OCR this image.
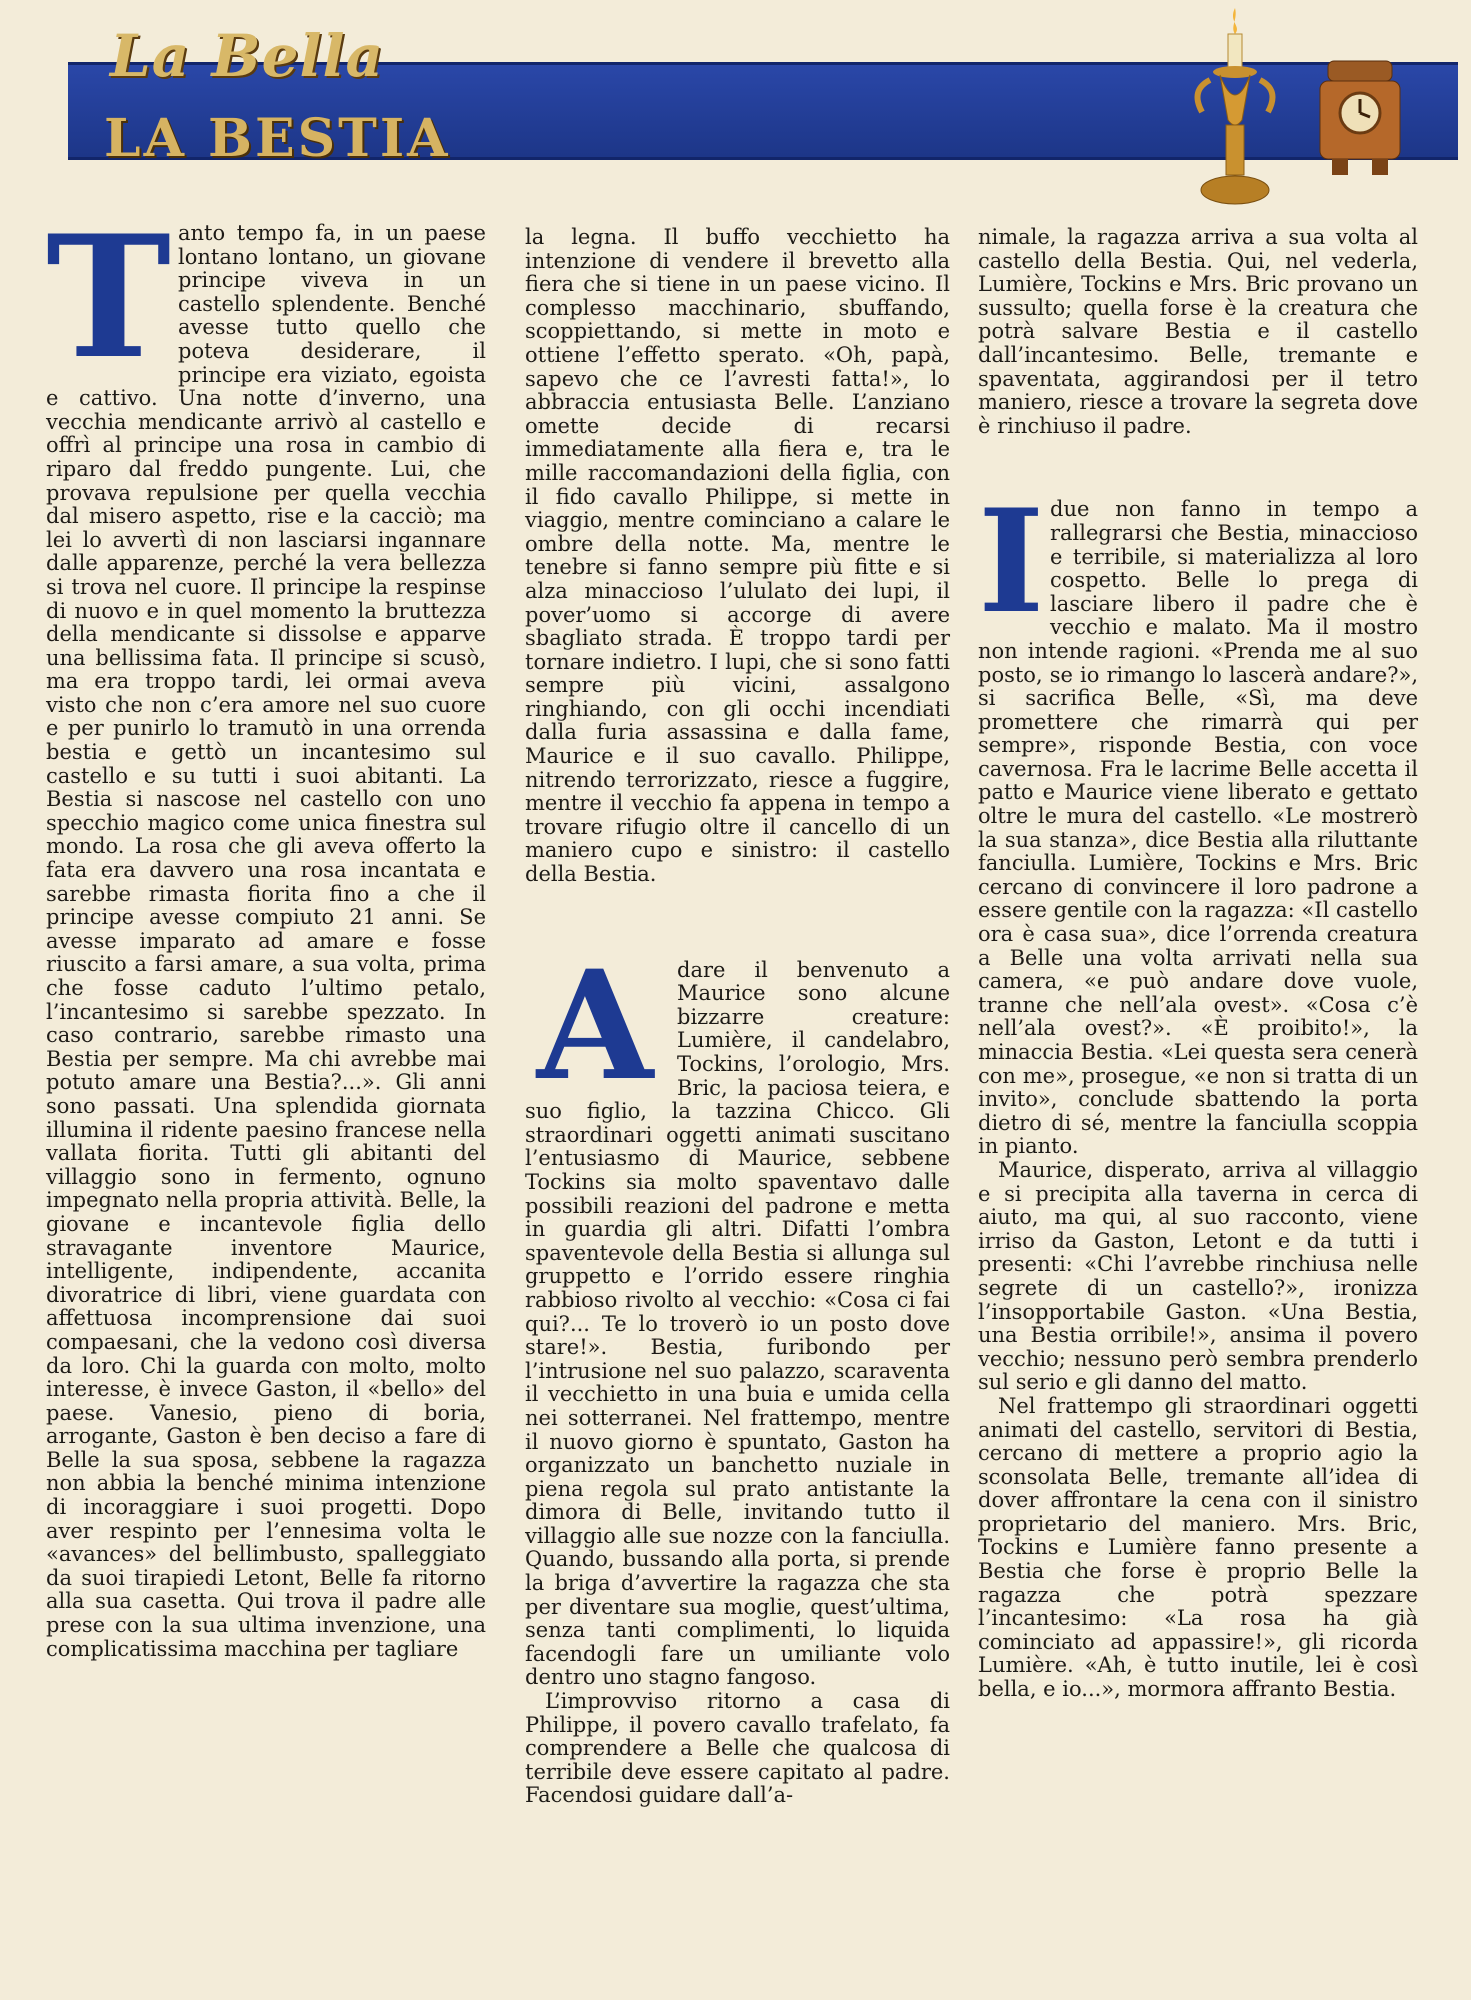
La Bella
LA BESTIA

Tanto tempo fa, in un paese lontano lontano, un giovane principe viveva in un castello splendente. Benché avesse tutto quello che poteva desiderare, il principe era viziato, egoista e cattivo. Una notte d’inverno, una vecchia mendicante arrivò al castello e offrì al principe una rosa in cambio di riparo dal freddo pungente. Lui, che provava repulsione per quella vecchia dal misero aspetto, rise e la cacciò; ma lei lo avvertì di non lasciarsi ingannare dalle apparenze, perché la vera bellezza si trova nel cuore. Il principe la respinse di nuovo e in quel momento la bruttezza della mendicante si dissolse e apparve una bellissima fata. Il principe si scusò, ma era troppo tardi, lei ormai aveva visto che non c’era amore nel suo cuore e per punirlo lo tramutò in una orrenda bestia e gettò un incantesimo sul castello e su tutti i suoi abitanti. La Bestia si nascose nel castello con uno specchio magico come unica finestra sul mondo. La rosa che gli aveva offerto la fata era davvero una rosa incantata e sarebbe rimasta fiorita fino a che il principe avesse compiuto 21 anni. Se avesse imparato ad amare e fosse riuscito a farsi amare, a sua volta, prima che fosse caduto l’ultimo petalo, l’incantesimo si sarebbe spezzato. In caso contrario, sarebbe rimasto una Bestia per sempre. Ma chi avrebbe mai potuto amare una Bestia?...». Gli anni sono passati. Una splendida giornata illumina il ridente paesino francese nella vallata fiorita. Tutti gli abitanti del villaggio sono in fermento, ognuno impegnato nella propria attività. Belle, la giovane e incantevole figlia dello stravagante inventore Maurice, intelligente, indipendente, accanita divoratrice di libri, viene guardata con affettuosa incomprensione dai suoi compaesani, che la vedono così diversa da loro. Chi la guarda con molto, molto interesse, è invece Gaston, il «bello» del paese. Vanesio, pieno di boria, arrogante, Gaston è ben deciso a fare di Belle la sua sposa, sebbene la ragazza non abbia la benché minima intenzione di incoraggiare i suoi progetti. Dopo aver respinto per l’ennesima volta le «avances» del bellimbusto, spalleggiato da suoi tirapiedi Letont, Belle fa ritorno alla sua casetta. Qui trova il padre alle prese con la sua ultima invenzione, una complicatissima macchina per tagliare

la legna. Il buffo vecchietto ha intenzione di vendere il brevetto alla fiera che si tiene in un paese vicino. Il complesso macchinario, sbuffando, scoppiettando, si mette in moto e ottiene l’effetto sperato. «Oh, papà, sapevo che ce l’avresti fatta!», lo abbraccia entusiasta Belle. L’anziano omette decide di recarsi immediatamente alla fiera e, tra le mille raccomandazioni della figlia, con il fido cavallo Philippe, si mette in viaggio, mentre cominciano a calare le ombre della notte. Ma, mentre le tenebre si fanno sempre più fitte e si alza minaccioso l’ululato dei lupi, il pover’uomo si accorge di avere sbagliato strada. È troppo tardi per tornare indietro. I lupi, che si sono fatti sempre più vicini, assalgono ringhiando, con gli occhi incendiati dalla furia assassina e dalla fame, Maurice e il suo cavallo. Philippe, nitrendo terrorizzato, riesce a fuggire, mentre il vecchio fa appena in tempo a trovare rifugio oltre il cancello di un maniero cupo e sinistro: il castello della Bestia.

A	dare il benvenuto a Maurice sono alcune bizzarre creature: Lumière, il candelabro, Tockins, l’orologio, Mrs. Bric, la paciosa teiera, e suo figlio, la tazzina Chicco. Gli straordinari oggetti animati suscitano l’entusiasmo di Maurice, sebbene Tockins sia molto spaventavo dalle possibili reazioni del padrone e metta in guardia gli altri. Difatti l’ombra spaventevole della Bestia si allunga sul gruppetto e l’orrido essere ringhia rabbioso rivolto al vecchio: «Cosa ci fai qui?... Te lo troverò io un posto dove stare!». Bestia, furibondo per l’intrusione nel suo palazzo, scaraventa il vecchietto in una buia e umida cella nei sotterranei. Nel frattempo, mentre il nuovo giorno è spuntato, Gaston ha organizzato un banchetto nuziale in piena regola sul prato antistante la dimora di Belle, invitando tutto il villaggio alle sue nozze con la fanciulla. Quando, bussando alla porta, si prende la briga d’avvertire la ragazza che sta per diventare sua moglie, quest’ultima, senza tanti complimenti, lo liquida facendogli fare un umiliante volo dentro uno stagno fangoso.

L’improvviso ritorno a casa di Philippe, il povero cavallo trafelato, fa comprendere a Belle che qualcosa di terribile deve essere capitato al padre. Facendosi guidare dall’a-

nimale, la ragazza arriva a sua volta al castello della Bestia. Qui, nel vederla, Lumière, Tockins e Mrs. Bric provano un sussulto; quella forse è la creatura che potrà salvare Bestia e il castello dall’incantesimo. Belle, tremante e spaventata, aggirandosi per il tetro maniero, riesce a trovare la segreta dove è rinchiuso il padre.

Idue non fanno in tempo a rallegrarsi che Bestia, minaccioso e terribile, si materializza al loro cospetto. Belle lo prega di lasciare libero il padre che è vecchio e malato. Ma il mostro non intende ragioni. «Prenda me al suo posto, se io rimango lo lascerà andare?», si sacrifica Belle, «Sì, ma deve promettere che rimarrà qui per sempre», risponde Bestia, con voce cavernosa. Fra le lacrime Belle accetta il patto e Maurice viene liberato e gettato oltre le mura del castello. «Le mostrerò la sua stanza», dice Bestia alla riluttante fanciulla. Lumière, Tockins e Mrs. Bric cercano di convincere il loro padrone a essere gentile con la ragazza: «Il castello ora è casa sua», dice l’orrenda creatura a Belle una volta arrivati nella sua camera, «e può andare dove vuole, tranne che nell’ala ovest». «Cosa c’è nell’ala ovest?». «È proibito!», la minaccia Bestia. «Lei questa sera cenerà con me», prosegue, «e non si tratta di un invito», conclude sbattendo la porta dietro di sé, mentre la fanciulla scoppia in pianto.

Maurice, disperato, arriva al villaggio e si precipita alla taverna in cerca di aiuto, ma qui, al suo racconto, viene irriso da Gaston, Letont e da tutti i presenti: «Chi l’avrebbe rinchiusa nelle segrete di un castello?», ironizza l’insopportabile Gaston. «Una Bestia, una Bestia orribile!», ansima il povero vecchio; nessuno però sembra prenderlo sul serio e gli danno del matto.

Nel frattempo gli straordinari oggetti animati del castello, servitori di Bestia, cercano di mettere a proprio agio la sconsolata Belle, tremante all’idea di dover affrontare la cena con il sinistro proprietario del maniero. Mrs. Bric, Tockins e Lumière fanno presente a Bestia che forse è proprio Belle la ragazza che potrà spezzare l’incantesimo: «La rosa ha già cominciato ad appassire!», gli ricorda Lumière. «Ah, è tutto inutile, lei è così bella, e io...», mormora affranto Bestia.
